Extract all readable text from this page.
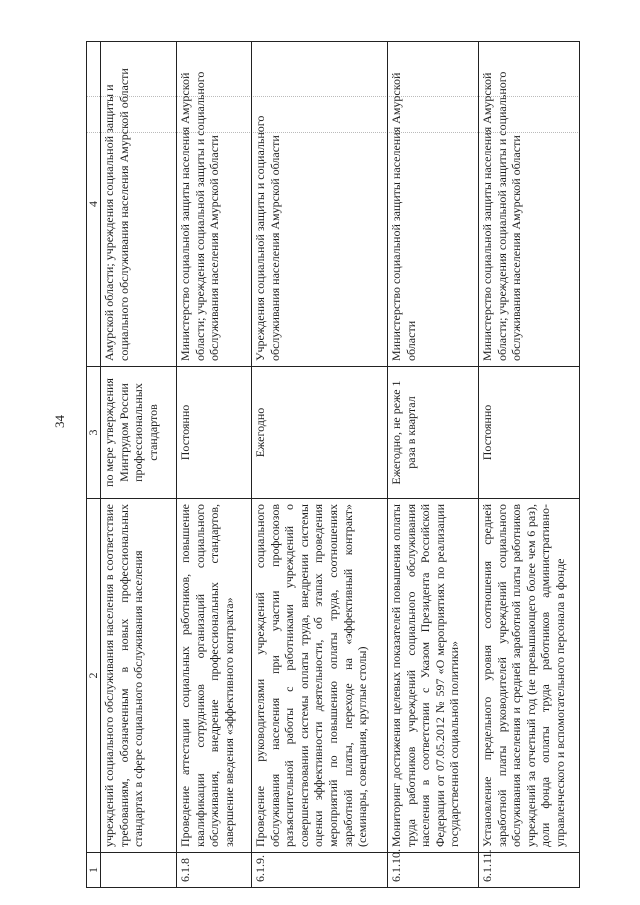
34
1	2	3	4
	учреждений социального обслуживания населения в соответствие требованиям, обозначенным в новых профессиональных стандартах в сфере социального обслуживания населения	по мере утверждения Минтрудом России профессиональных стандартов	Амурской области; учреждения социальной защиты и социального обслуживания населения Амурской области
6.1.8	Проведение аттестации социальных работников, повышение квалификации сотрудников организаций социального обслуживания, внедрение профессиональных стандартов, завершение введения «эффективного контракта»	Постоянно	Министерство социальной защиты населения Амурской области; учреждения социальной защиты и социального обслуживания населения Амурской области
6.1.9.	Проведение руководителями учреждений социального обслуживания населения при участии профсоюзов разъяснительной работы с работниками учреждений о совершенствовании системы оплаты труда, внедрении системы оценки эффективности деятельности, об этапах проведения мероприятий по повышению оплаты труда, соотношениях заработной платы, переходе на «эффективный контракт» (семинары, совещания, круглые столы)	Ежегодно	Учреждения социальной защиты и социального обслуживания населения Амурской области
6.1.10.	Мониторинг достижения целевых показателей повышения оплаты труда работников учреждений социального обслуживания населения в соответствии с Указом Президента Российской Федерации от 07.05.2012 № 597 «О мероприятиях по реализации государственной социальной политики»	Ежегодно, не реже 1 раза в квартал	Министерство социальной защиты населения Амурской области
6.1.11.	Установление предельного уровня соотношения средней заработной платы руководителей учреждений социального обслуживания населения и средней заработной платы работников учреждений за отчетный год (не превышающего более чем 6 раз), доли фонда оплаты труда работников административно-управленческого и вспомогательного персонала в фонде	Постоянно	Министерство социальной защиты населения Амурской области; учреждения социальной защиты и социального обслуживания населения Амурской области
